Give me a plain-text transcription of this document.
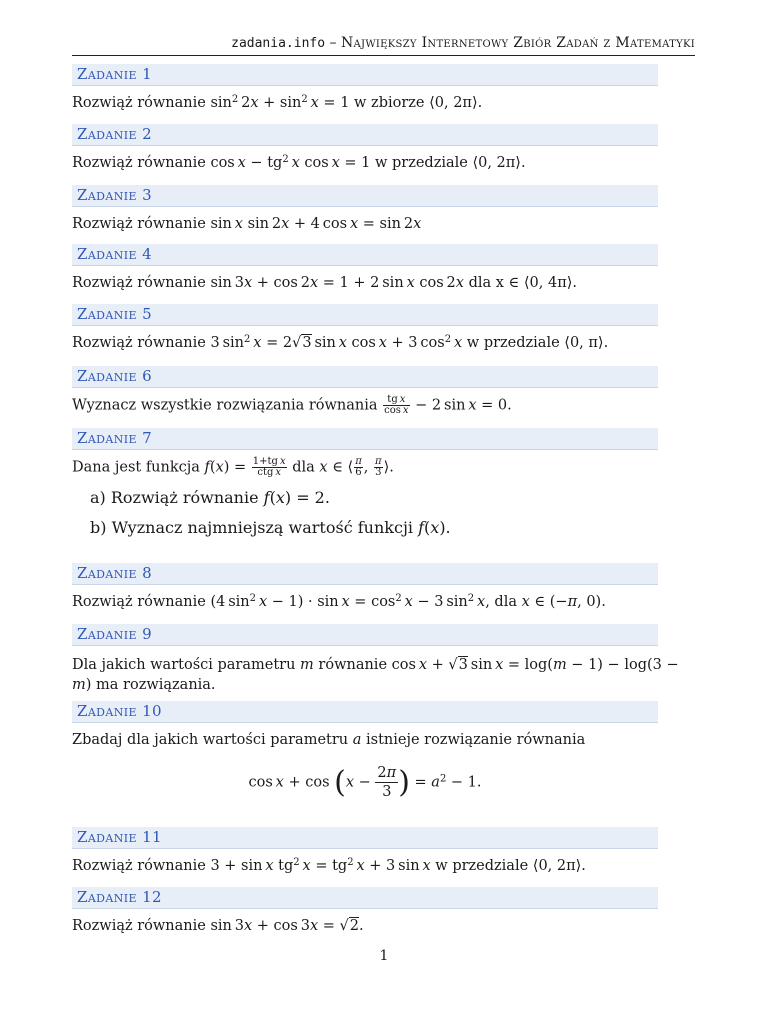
zadania.info – Największy Internetowy Zbiór Zadań z Matematyki
Zadanie 1
Rozwiąż równanie $\sin^2 2x + \sin^2 x = 1$ w zbiorze ⟨0, 2π⟩.
Zadanie 2
Rozwiąż równanie $\cos x - tg^2$  x cos x = 1 w przedziale ⟨0, 2π⟩.
Zadanie 3
Rozwiąż równanie sin x sin 2x + 4 cos x = sin 2x
Zadanie 4
Rozwiąż równanie sin 3x + cos 2x = 1 + 2 sin x cos 2x dla x ∈ ⟨0, 4π⟩.
Zadanie 5
Rozwiąż równanie 3 $\sin^2 x = 2√3$ sin x cos x + 3 $\cos^2 x$ w przedziale ⟨0, π⟩.
Zadanie 6
Wyznacz wszystkie rozwiązania równania $\frac{\text{tg x}}{\text{cos x}} - 2$ sin x = 0.
Zadanie 7
Dana jest funkcja $f(x) = \frac{\text{1+tg x}}{\text{ctg x}}$ dla x ∈ ⟨ $\frac{\pi}{6}$ , $\frac{\pi}{3}$ ⟩.
a) Rozwiąż równanie f(x) = 2.
b) Wyznacz najmniejszą wartość funkcji f(x).
Zadanie 8
Rozwiąż równanie (4 $\sin^2 x - 1) \cdot \sin x = \cos^2 x - 3$ $\sin^2 x$, dla x ∈ (−π, 0).
Zadanie 9
Dla jakich wartości parametru m równanie cos x + √3 sin x = log(m − 1) − log(3 − m) ma rozwiązania.
Zadanie 10
Zbadaj dla jakich wartości parametru a istnieje rozwiązanie równania
$\cos x + \cos (x - \frac{2\pi}{3}$ ) = $a^2 - 1$.
Zadanie 11
Rozwiąż równanie 3 + sin x $tg^2$  $x = tg^2$  x + 3 sin x w przedziale ⟨0, 2π⟩.
Zadanie 12
Rozwiąż równanie sin 3x + cos 3x = √2.
1
